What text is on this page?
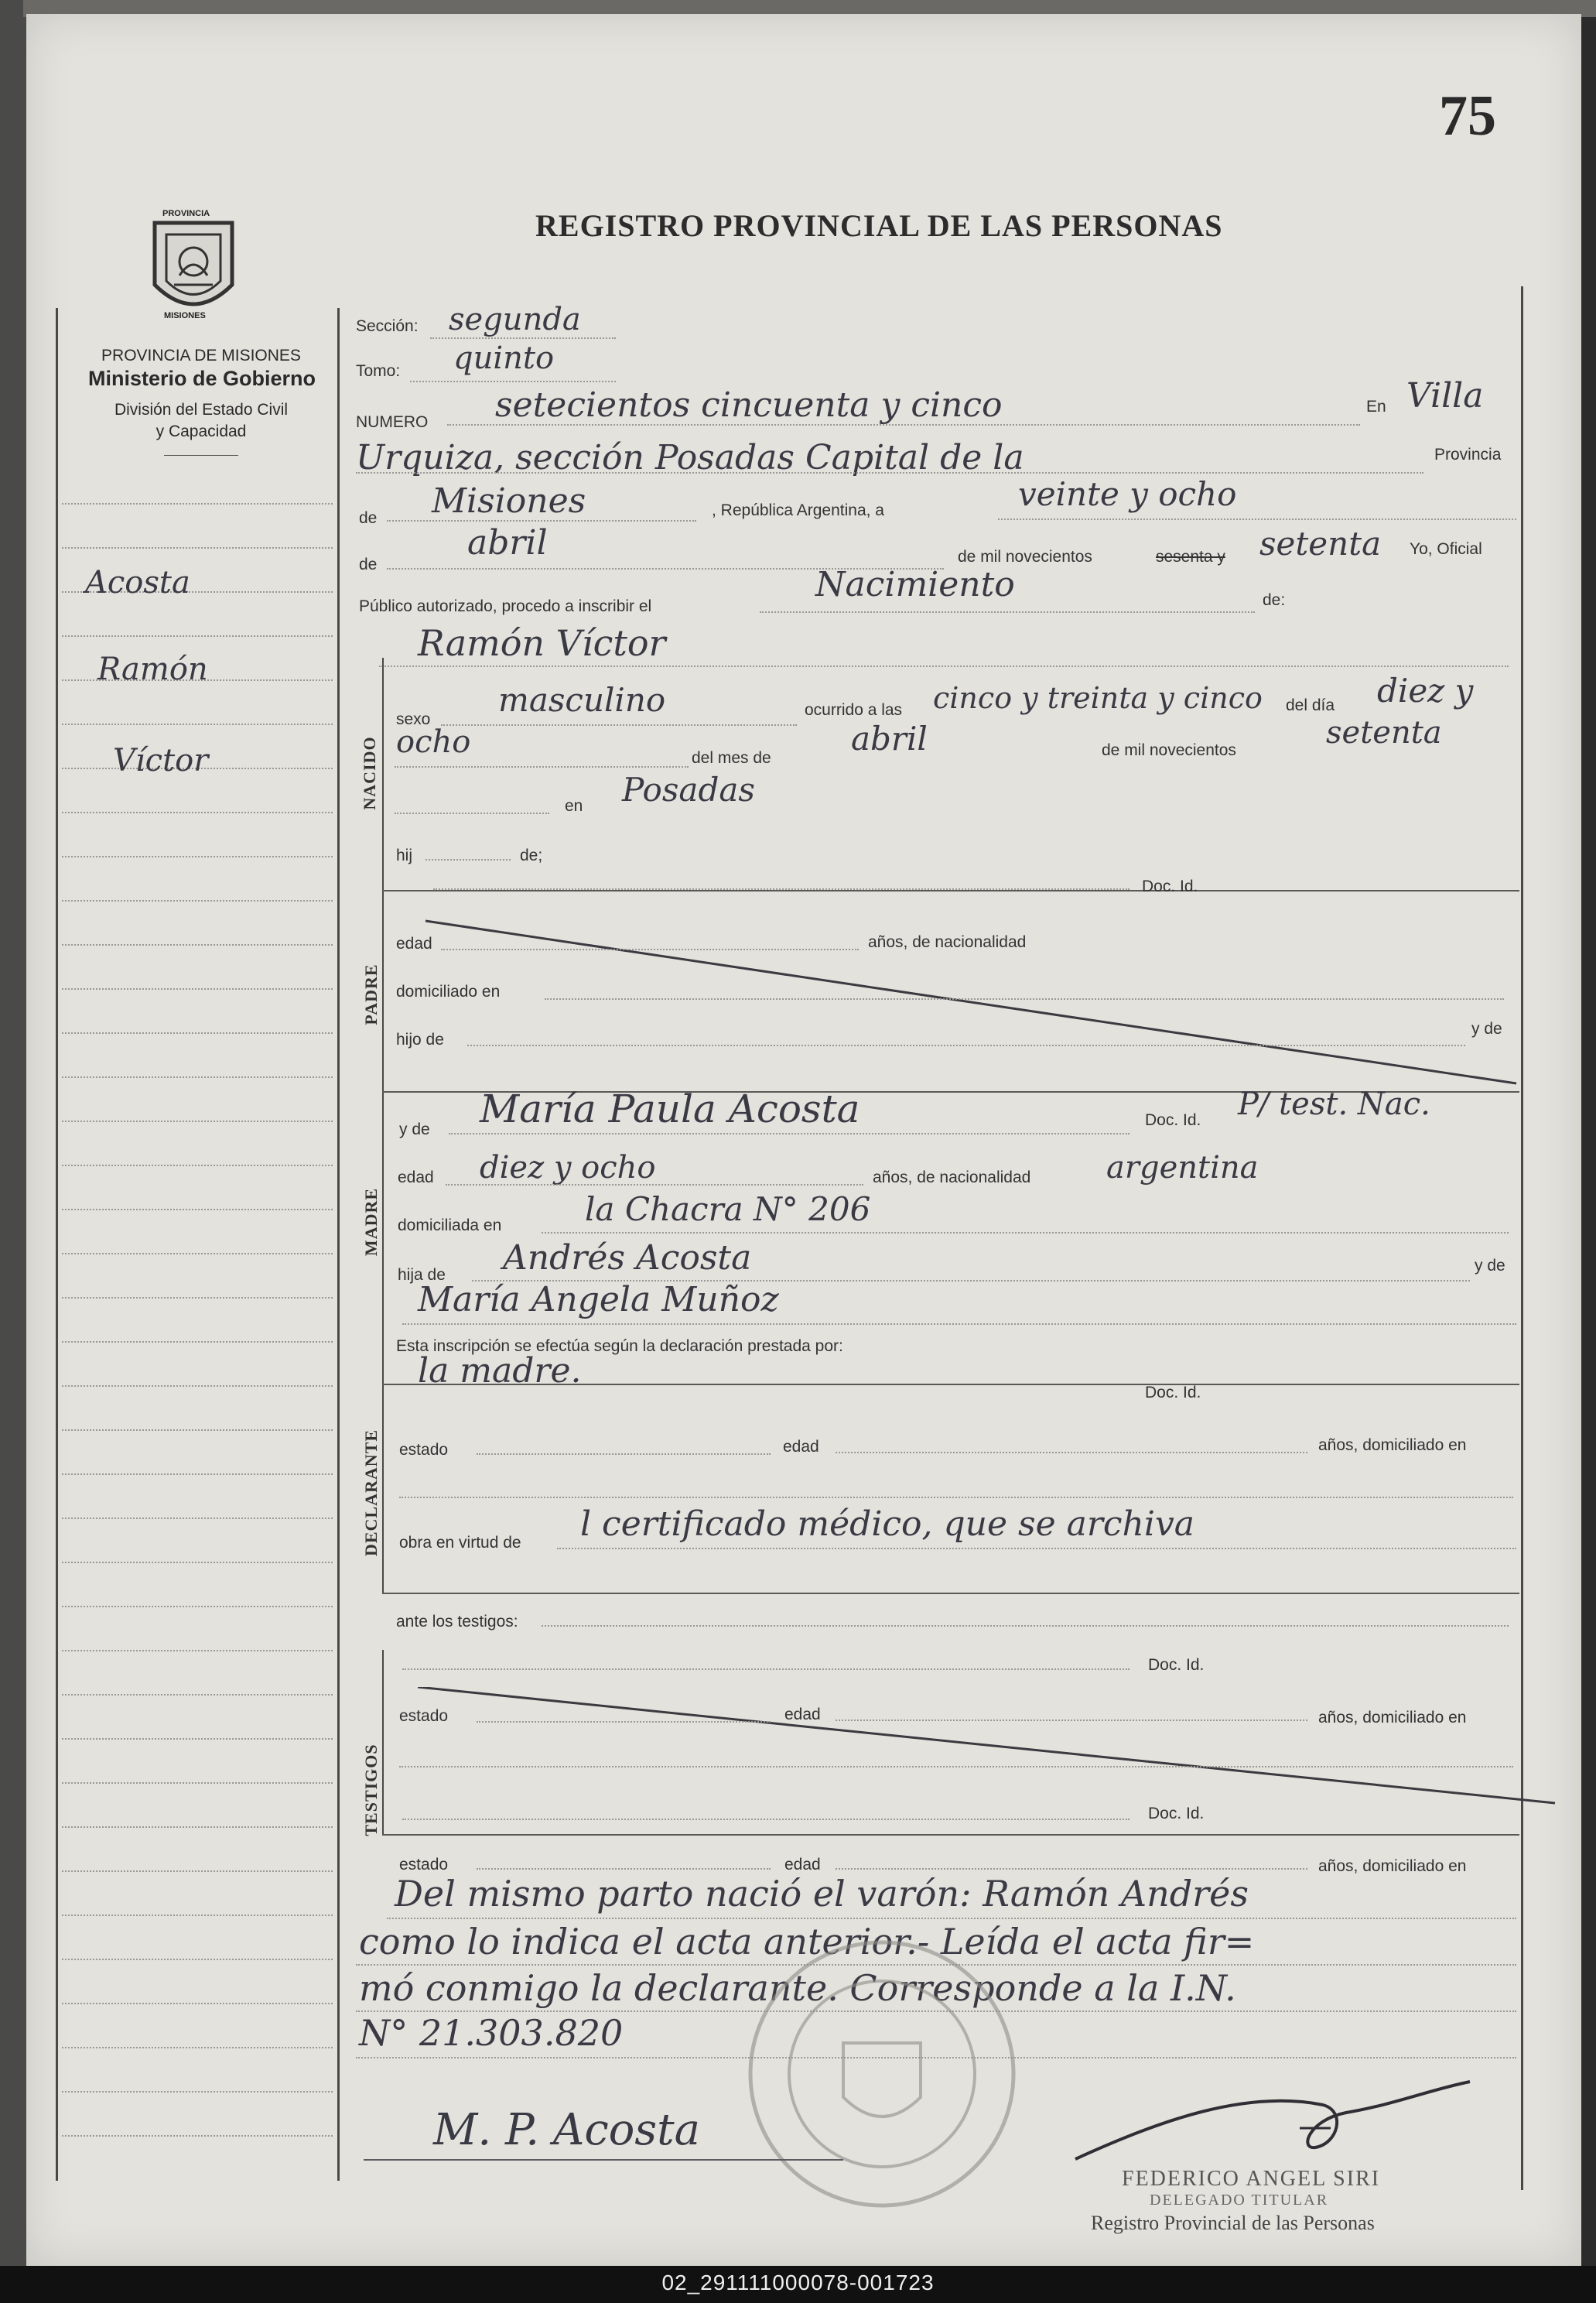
75
REGISTRO PROVINCIAL DE LAS PERSONAS
PROVINCIA
MISIONES
PROVINCIA DE MISIONES
Ministerio de Gobierno
División del Estado Civil
y Capacidad
Acosta
Ramón
Víctor
Sección: segunda
Tomo: quinto
NUMERO setecientos cincuenta y cinco	En Villa
Urquiza, sección Posadas Capital de la	Provincia
de Misiones	, República Argentina, a	veinte y ocho
de
abril	de mil novecientos	sesenta y setenta Yo, Oficial
Público autorizado, procedo a inscribir el
Nacimiento	de:
Ramón Víctor
NACIDO
sexo
masculino	ocurrido a las cinco y treinta y cinco del día diez y
ocho	del mes de
abril	de mil novecientos	setenta
en Posadas
hij	de;
Doc. Id.
PADRE
edad	años, de nacionalidad
domiciliado en
hijo de
y de
MADRE
y de María Paula Acosta	Doc. Id. P/ test. Nac.
edad diez y ocho	años, de nacionalidad argentina
domiciliada en	la Chacra N° 206
hija de Andrés Acosta	y de
María Angela Muñoz
Esta inscripción se efectúa según la declaración prestada por:
la madre.
Doc. Id.
DECLARANTE estado	edad	años, domiciliado en
obra en virtud de l certificado médico, que se archiva
ante los testigos:
Doc. Id.
TESTIGOS
estado	edad	años, domiciliado en
Doc. Id.
estado	edad	años, domiciliado en
Del mismo parto nació el varón: Ramón Andrés
como lo indica el acta anterior.- Leída el acta fir=
mó conmigo la declarante. Corresponde a la I.N.
N° 21.303.820
M. P. Acosta
FEDERICO ANGEL SIRI
DELEGADO TITULAR
Registro Provincial de las Personas
02_291111000078-001723
